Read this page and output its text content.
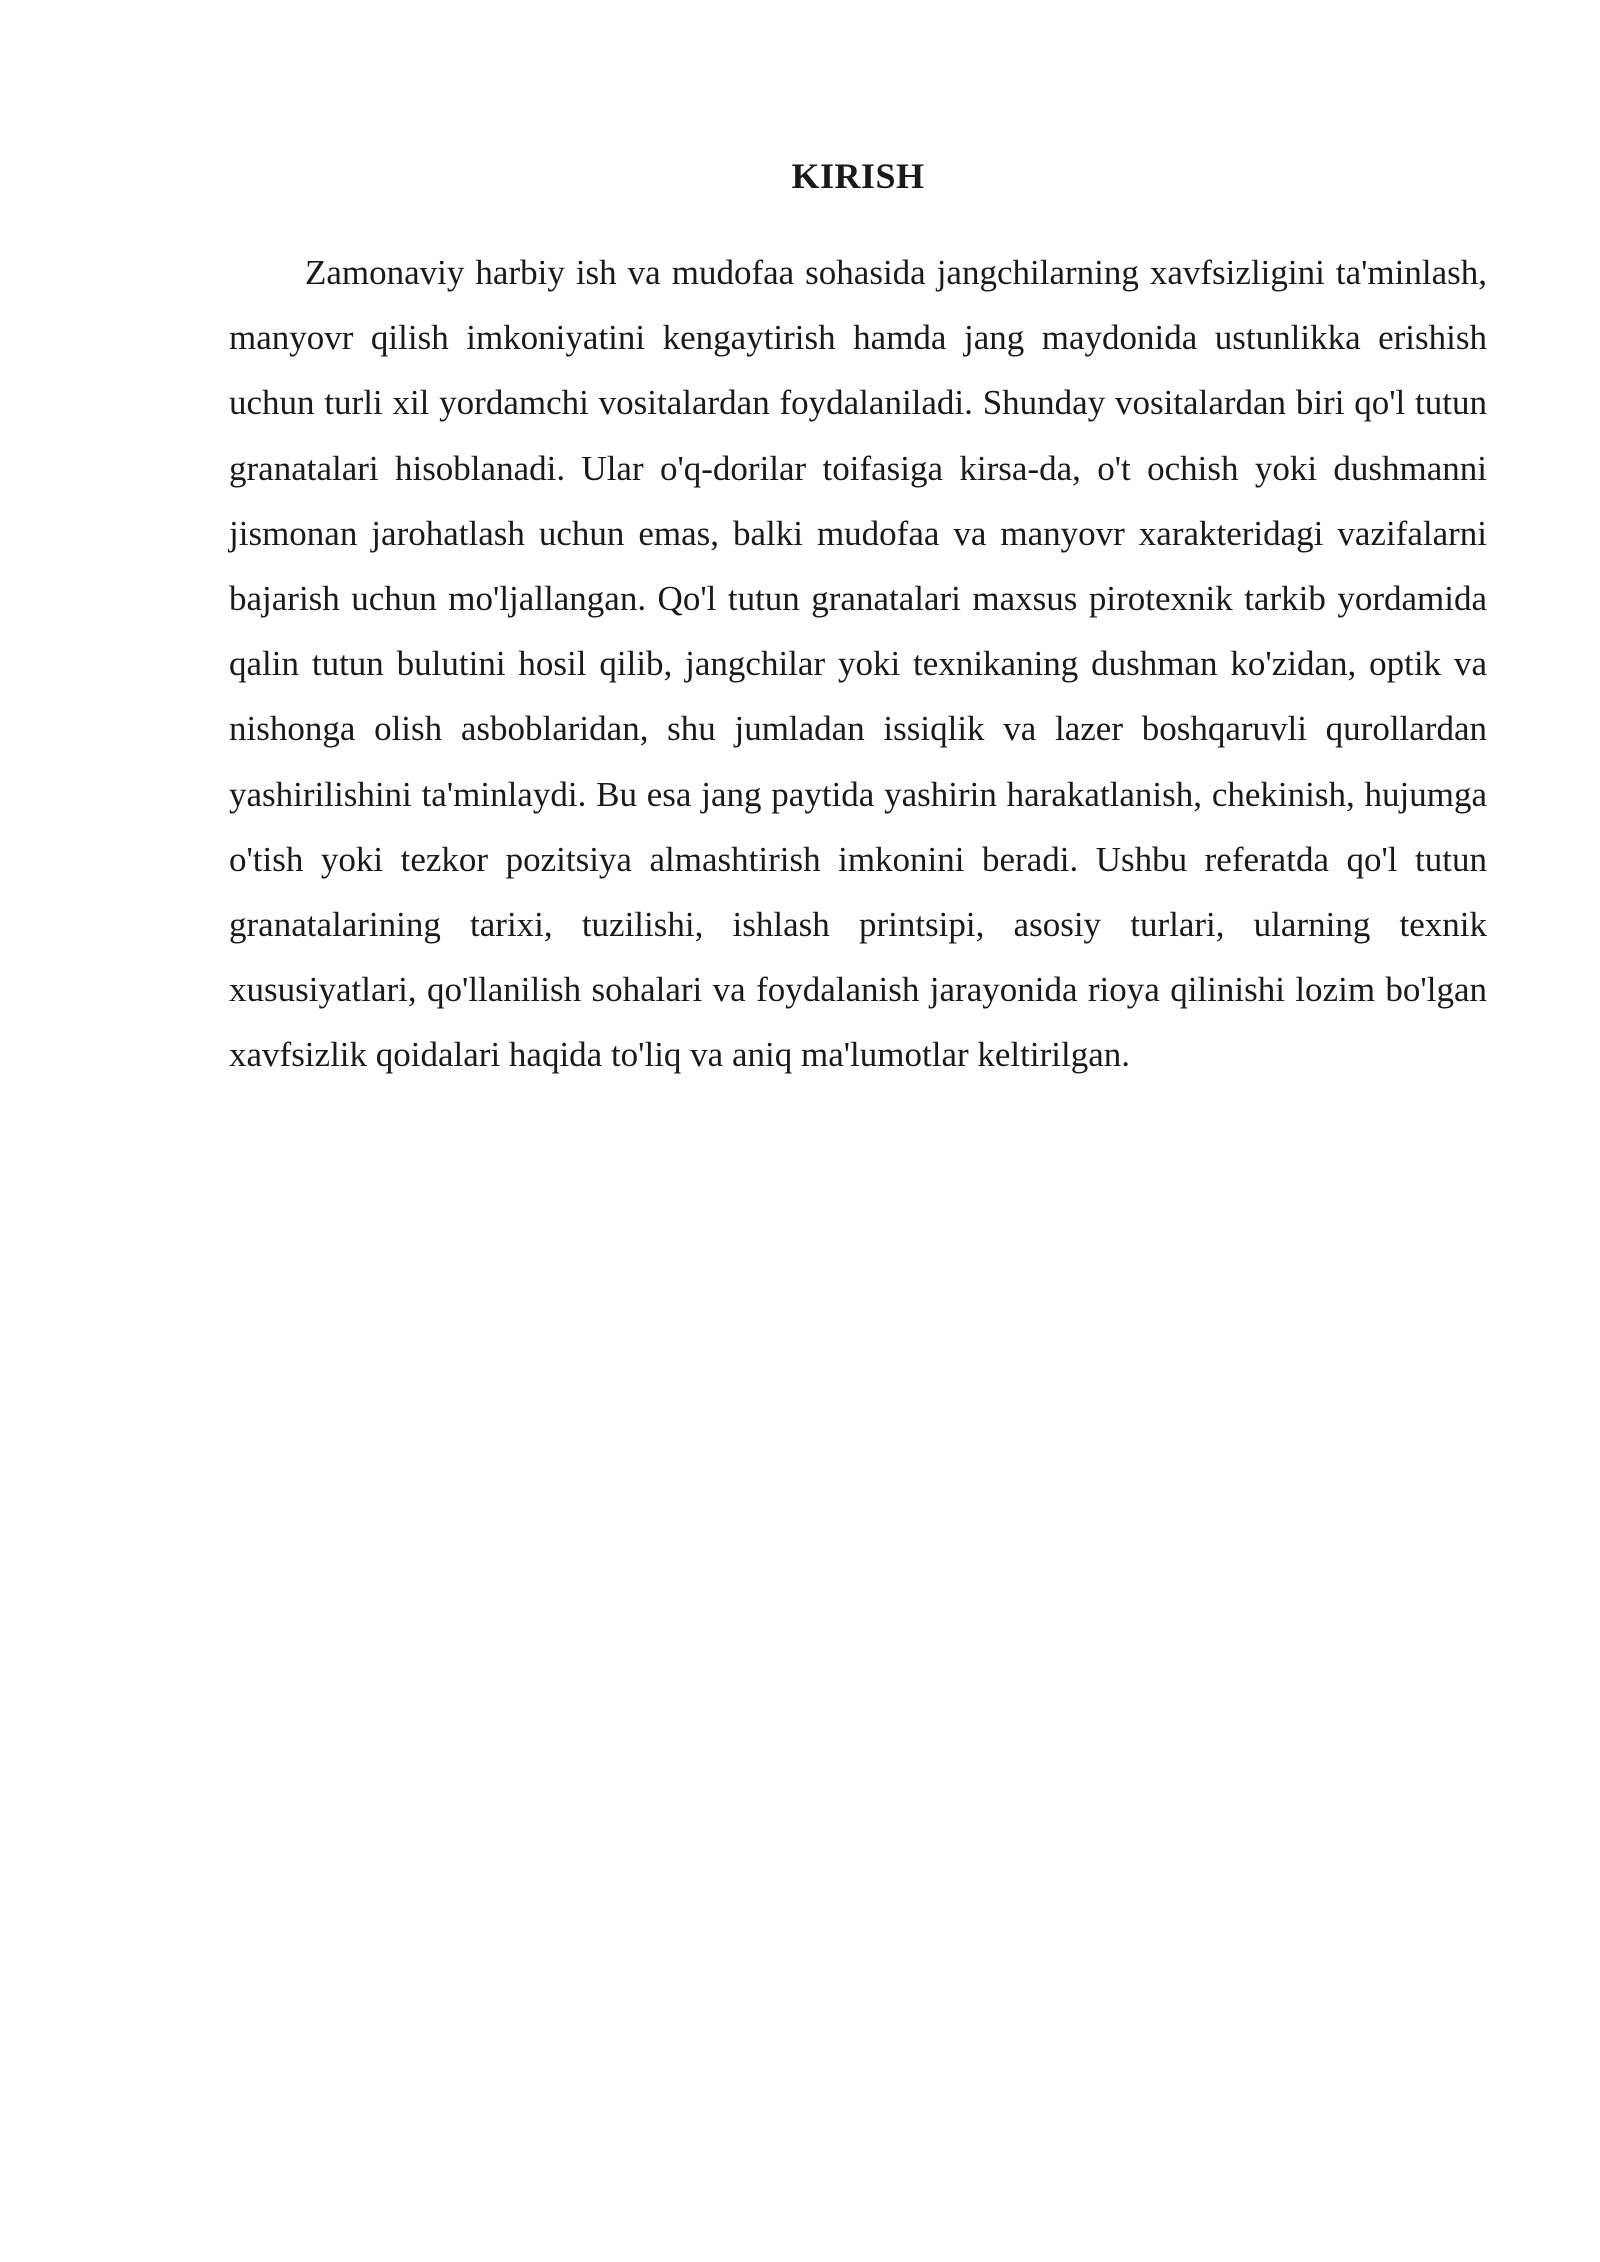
KIRISH

Zamonaviy harbiy ish va mudofaa sohasida jangchilarning xavfsizligini ta'minlash, manyovr qilish imkoniyatini kengaytirish hamda jang maydonida ustunlikka erishish uchun turli xil yordamchi vositalardan foydalaniladi. Shunday vositalardan biri qo'l tutun granatalari hisoblanadi. Ular o'q-dorilar toifasiga kirsa-da, o't ochish yoki dushmanni jismonan jarohatlash uchun emas, balki mudofaa va manyovr xarakteridagi vazifalarni bajarish uchun mo'ljallangan. Qo'l tutun granatalari maxsus pirotexnik tarkib yordamida qalin tutun bulutini hosil qilib, jangchilar yoki texnikaning dushman ko'zidan, optik va nishonga olish asboblaridan, shu jumladan issiqlik va lazer boshqaruvli qurollardan yashirilishini ta'minlaydi. Bu esa jang paytida yashirin harakatlanish, chekinish, hujumga o'tish yoki tezkor pozitsiya almashtirish imkonini beradi. Ushbu referatda qo'l tutun granatalarining tarixi, tuzilishi, ishlash printsipi, asosiy turlari, ularning texnik xususiyatlari, qo'llanilish sohalari va foydalanish jarayonida rioya qilinishi lozim bo'lgan xavfsizlik qoidalari haqida to'liq va aniq ma'lumotlar keltirilgan.
